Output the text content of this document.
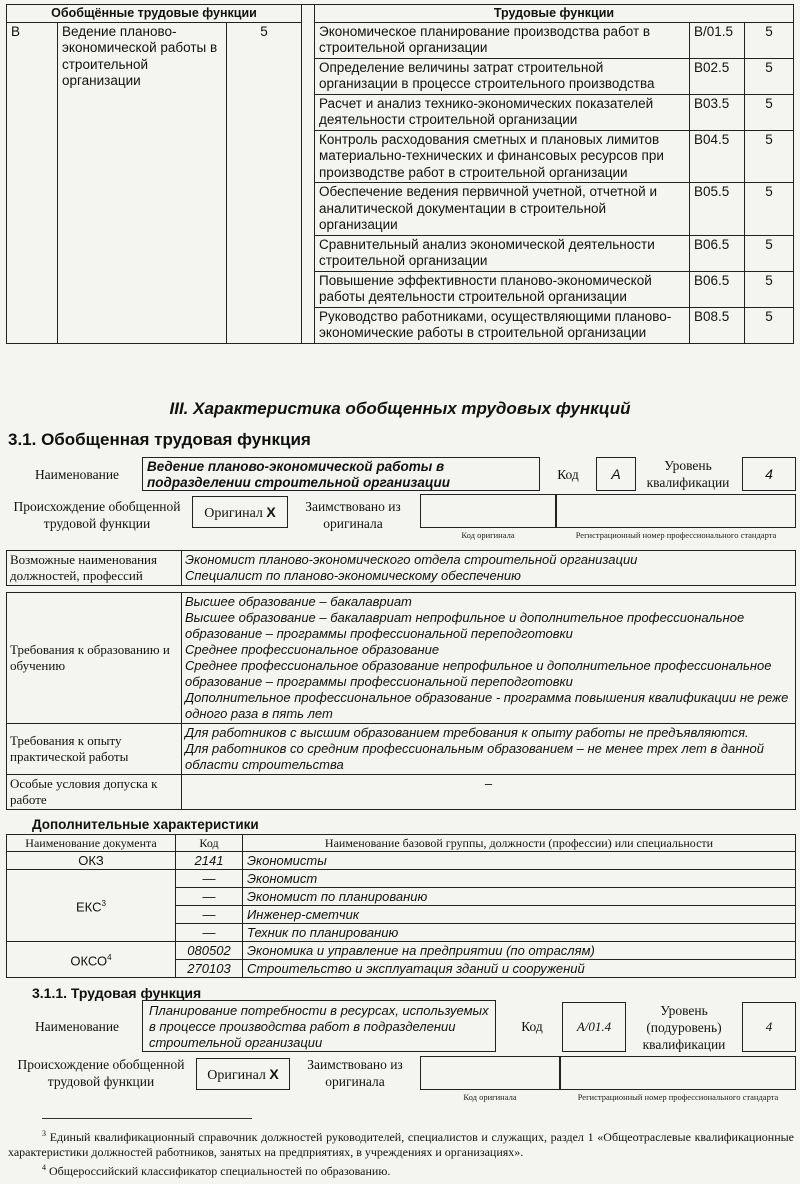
Обобщённые трудовые функции				Трудовые функции		
B	Ведение планово-экономической работы в строительной организации	5		Экономическое планирование производства работ в строительной организации	B/01.5	5
				Определение величины затрат строительной организации в процессе строительного производства	B02.5	5
				Расчет и анализ технико-экономических показателей деятельности строительной организации	B03.5	5
				Контроль расходования сметных и плановых лимитов материально-технических и финансовых ресурсов при производстве работ в строительной организации	B04.5	5
				Обеспечение ведения первичной учетной, отчетной и аналитической документации в строительной организации	B05.5	5
				Сравнительный анализ экономической деятельности строительной организации	B06.5	5
				Повышение эффективности планово-экономической работы деятельности строительной организации	B06.5	5
				Руководство работниками, осуществляющими планово-экономические работы в строительной организации	B08.5	5
III. Характеристика обобщенных трудовых функций
3.1. Обобщенная трудовая функция
Наименование
Ведение планово-экономической работы в подразделении строительной организации
Код	A
Уровень квалификации
4
Происхождение обобщенной трудовой функции
Оригинал X	Заимствовано из оригинала
Код оригинала	Регистрационный номер профессионального стандарта
Возможные наименования должностей, профессий	
Экономист планово-экономического отдела строительной организации
Специалист по планово-экономическому обеспечению
Требования к образованию и обучению	Высшее образование – бакалавриат
Высшее образование – бакалавриат непрофильное и дополнительное профессиональное образование – программы профессиональной переподготовки
Среднее профессиональное образование
Среднее профессиональное образование непрофильное и дополнительное профессиональное образование – программы профессиональной переподготовки
Дополнительное профессиональное образование - программа повышения квалификации не реже одного раза в пять лет

Требования к опыту практической работы	Для работников с высшим образованием требования к опыту работы не предъявляются.
Для работников со средним профессиональным образованием – не менее трех лет в данной области строительства

Особые условия допуска к работе	–
Дополнительные характеристики
Наименование документа	Код	Наименование базовой группы, должности (профессии) или специальности
ОКЗ	2141	Экономисты
ЕКС$^3$	—	Экономист
	—	Экономист по планированию
	—	Инженер-сметчик
	—	Техник по планированию
ОКСО$^4$	080502	Экономика и управление на предприятии (по отраслям)
	270103	Строительство и эксплуатация зданий и сооружений
3.1.1. Трудовая функция
Наименование
Планирование потребности в ресурсах, используемых в процессе производства работ в подразделении строительной организации
Код	A/01.4
Уровень (подуровень) квалификации
4
Происхождение обобщенной трудовой функции	Оригинал X
Заимствовано из оригинала
Код оригинала	Регистрационный номер профессионального стандарта
$^3$ Единый квалификационный справочник должностей руководителей, специалистов и служащих, раздел 1 «Общеотраслевые квалификационные характеристики должностей работников, занятых на предприятиях, в учреждениях и организациях».
$^4$ Общероссийский классификатор специальностей по образованию.
